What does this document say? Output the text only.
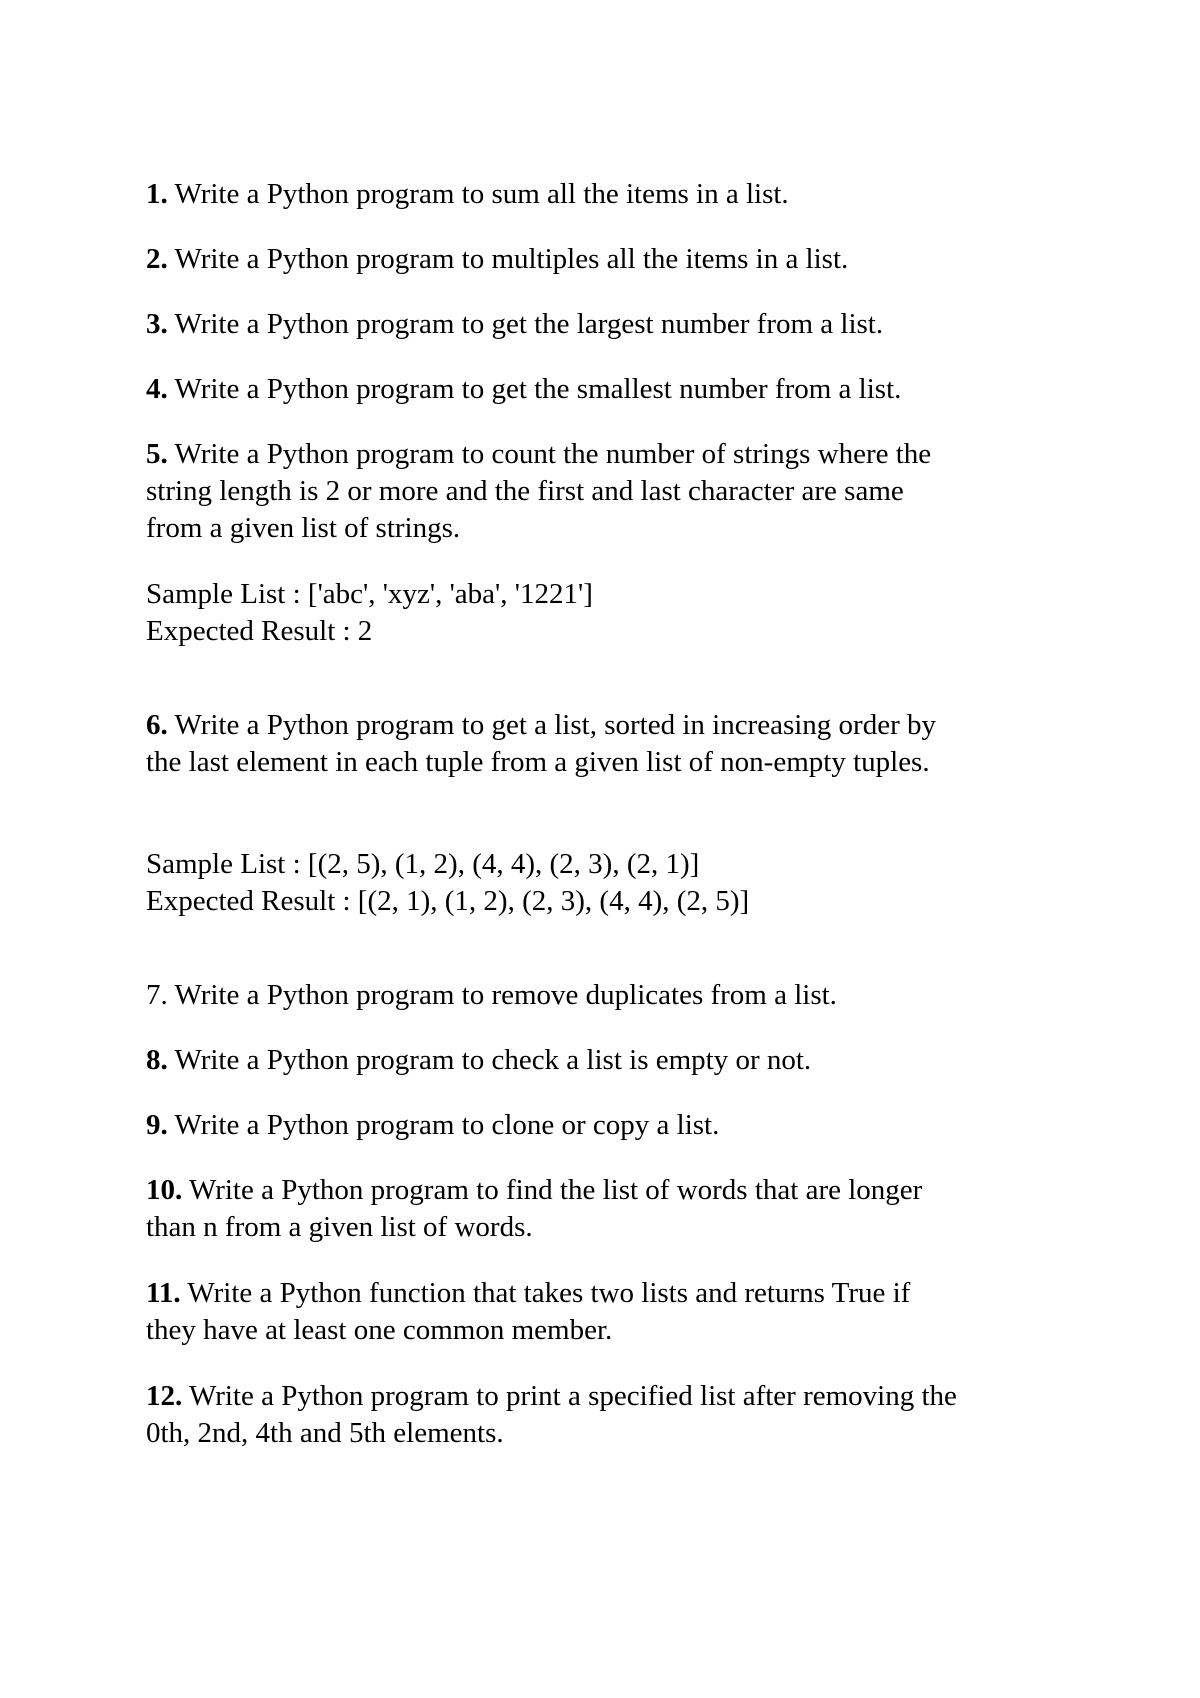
1. Write a Python program to sum all the items in a list.
2. Write a Python program to multiples all the items in a list.
3. Write a Python program to get the largest number from a list.
4. Write a Python program to get the smallest number from a list.
5. Write a Python program to count the number of strings where the
string length is 2 or more and the first and last character are same
from a given list of strings.
Sample List : ['abc', 'xyz', 'aba', '1221']
Expected Result : 2
6. Write a Python program to get a list, sorted in increasing order by
the last element in each tuple from a given list of non-empty tuples.
Sample List : [(2, 5), (1, 2), (4, 4), (2, 3), (2, 1)]
Expected Result : [(2, 1), (1, 2), (2, 3), (4, 4), (2, 5)]
7. Write a Python program to remove duplicates from a list.
8. Write a Python program to check a list is empty or not.
9. Write a Python program to clone or copy a list.
10. Write a Python program to find the list of words that are longer
than n from a given list of words.
11. Write a Python function that takes two lists and returns True if
they have at least one common member.
12. Write a Python program to print a specified list after removing the
0th, 2nd, 4th and 5th elements.
